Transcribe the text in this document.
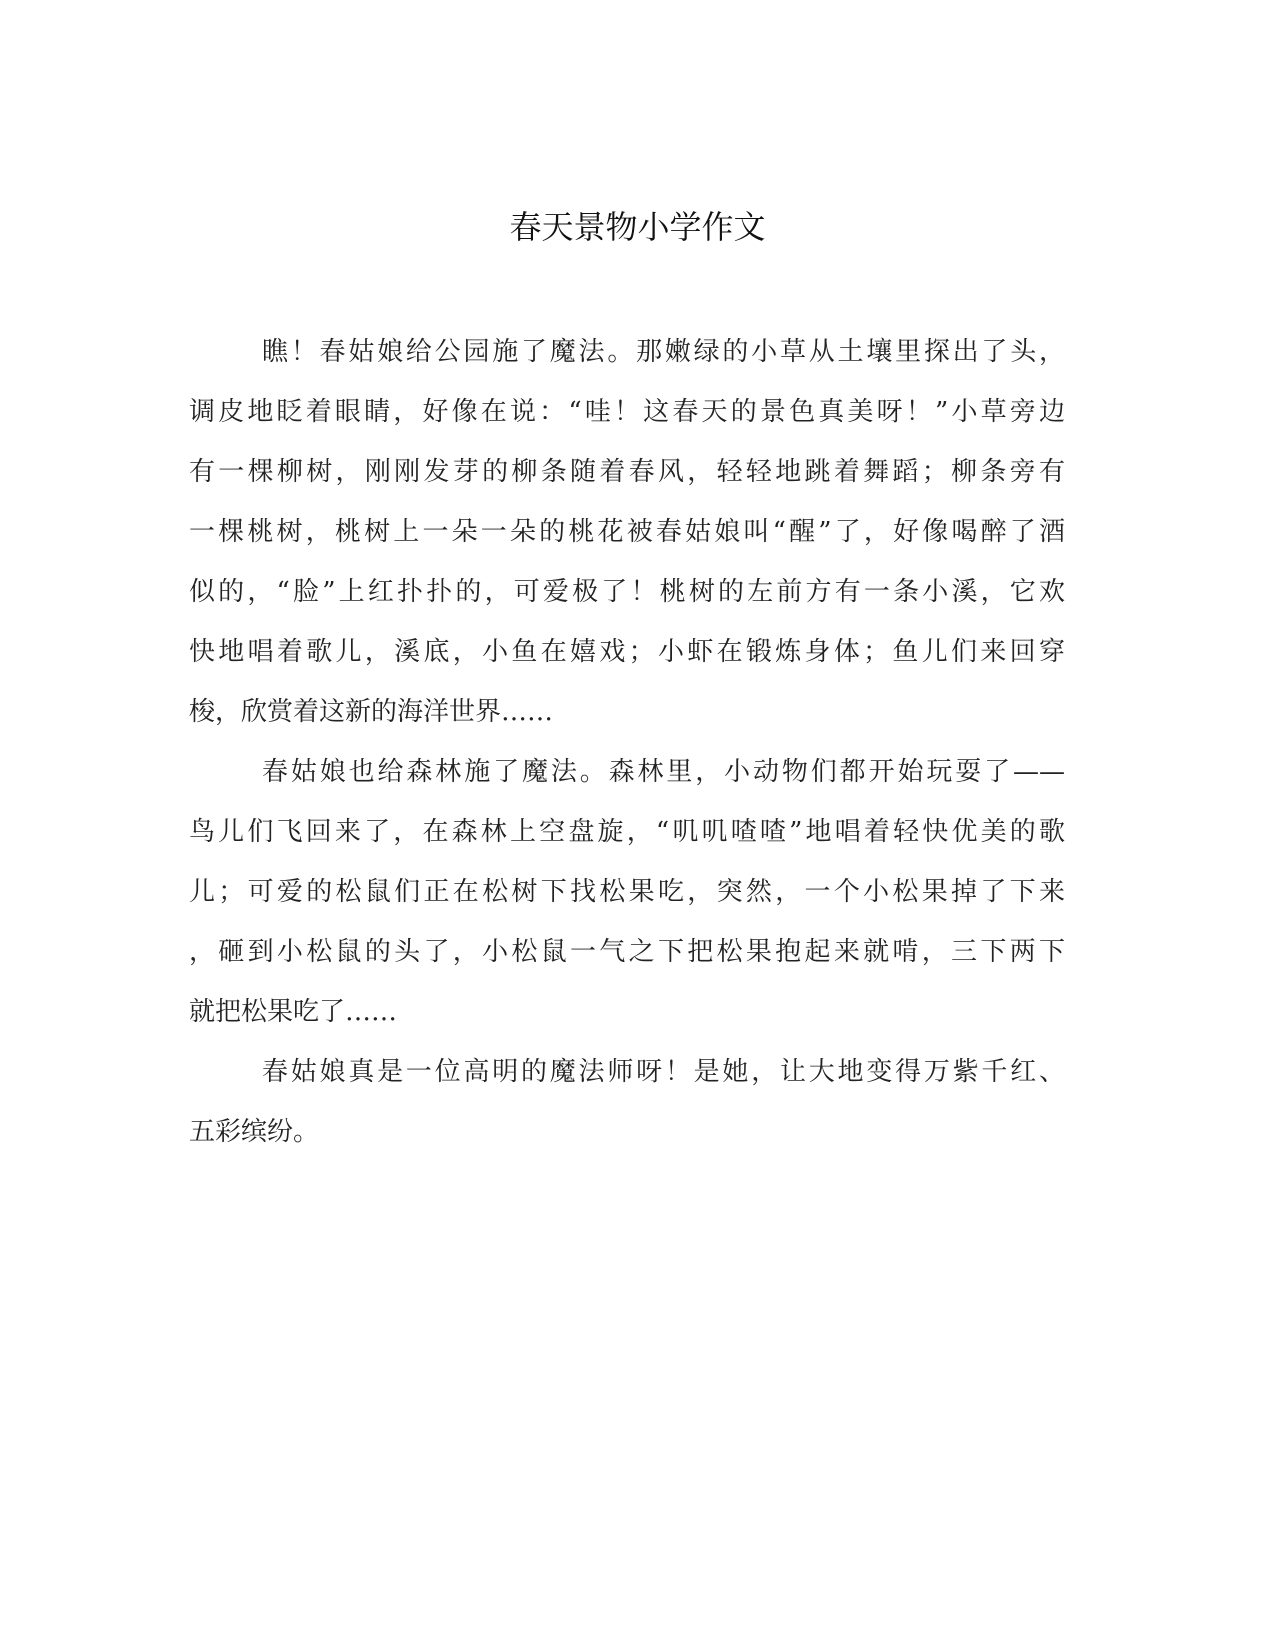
春天景物小学作文

瞧！春姑娘给公园施了魔法。那嫩绿的小草从土壤里探出了头，
调皮地眨着眼睛，好像在说：“哇！这春天的景色真美呀！”小草旁边
有一棵柳树，刚刚发芽的柳条随着春风，轻轻地跳着舞蹈；柳条旁有
一棵桃树，桃树上一朵一朵的桃花被春姑娘叫“醒”了，好像喝醉了酒
似的，“脸”上红扑扑的，可爱极了！桃树的左前方有一条小溪，它欢
快地唱着歌儿，溪底，小鱼在嬉戏；小虾在锻炼身体；鱼儿们来回穿
梭，欣赏着这新的海洋世界……

春姑娘也给森林施了魔法。森林里，小动物们都开始玩耍了——
鸟儿们飞回来了，在森林上空盘旋，“叽叽喳喳”地唱着轻快优美的歌
儿；可爱的松鼠们正在松树下找松果吃，突然，一个小松果掉了下来
，砸到小松鼠的头了，小松鼠一气之下把松果抱起来就啃，三下两下
就把松果吃了……

春姑娘真是一位高明的魔法师呀！是她，让大地变得万紫千红、
五彩缤纷。
